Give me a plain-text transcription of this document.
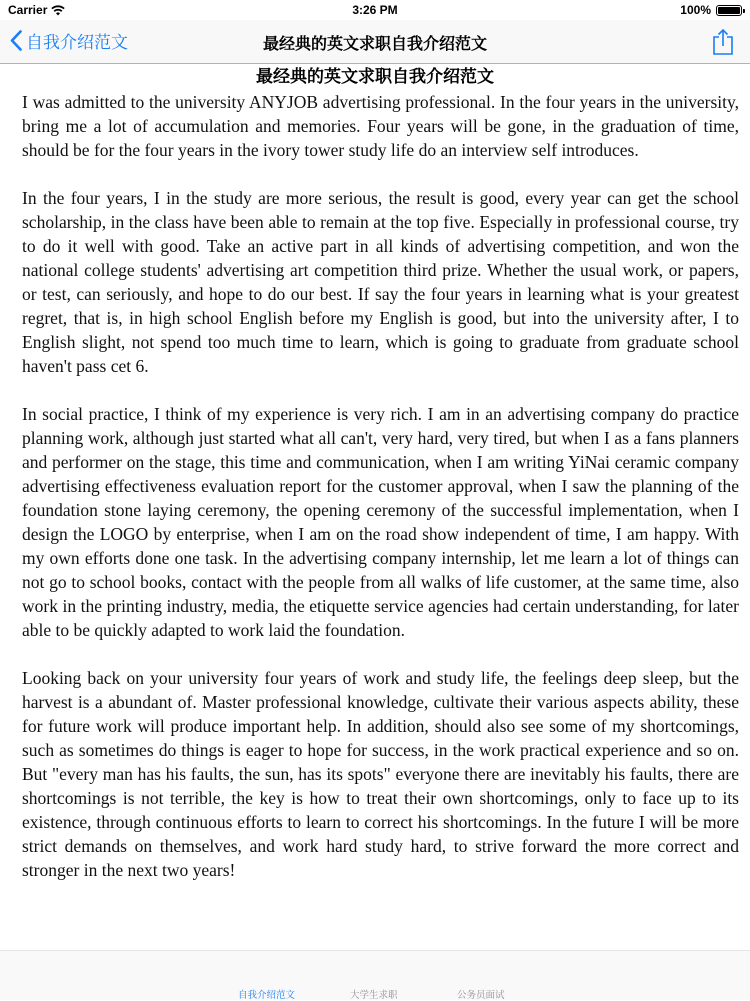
Carrier	3:26 PM	100%
自我介绍范文	最经典的英文求职自我介绍范文
最经典的英文求职自我介绍范文

I was admitted to the university ANYJOB advertising professional. In the four years in the university, bring me a lot of accumulation and memories. Four years will be gone, in the graduation of time, should be for the four years in the ivory tower study life do an interview self introduces.

In the four years, I in the study are more serious, the result is good, every year can get the school scholarship, in the class have been able to remain at the top five. Especially in professional course, try to do it well with good. Take an active part in all kinds of advertising competition, and won the national college students' advertising art competition third prize. Whether the usual work, or papers, or test, can seriously, and hope to do our best. If say the four years in learning what is your greatest regret, that is, in high school English before my English is good, but into the university after, I to English slight, not spend too much time to learn, which is going to graduate from graduate school haven't pass cet 6.

In social practice, I think of my experience is very rich. I am in an advertising company do practice planning work, although just started what all can't, very hard, very tired, but when I as a fans planners and performer on the stage, this time and communication, when I am writing YiNai ceramic company advertising effectiveness evaluation report for the customer approval, when I saw the planning of the foundation stone laying ceremony, the opening ceremony of the successful implementation, when I design the LOGO by enterprise, when I am on the road show independent of time, I am happy. With my own efforts done one task. In the advertising company internship, let me learn a lot of things can not go to school books, contact with the people from all walks of life customer, at the same time, also work in the printing industry, media, the etiquette service agencies had certain understanding, for later able to be quickly adapted to work laid the foundation.

Looking back on your university four years of work and study life, the feelings deep sleep, but the harvest is a abundant of. Master professional knowledge, cultivate their various aspects ability, these for future work will produce important help. In addition, should also see some of my shortcomings, such as sometimes do things is eager to hope for success, in the work practical experience and so on. But "every man has his faults, the sun, has its spots" everyone there are inevitably his faults, there are shortcomings is not terrible, the key is how to treat their own shortcomings, only to face up to its existence, through continuous efforts to learn to correct his shortcomings. In the future I will be more strict demands on themselves, and work hard study hard, to strive forward the more correct and stronger in the next two years!

自我介绍范文	大学生求职	公务员面试
